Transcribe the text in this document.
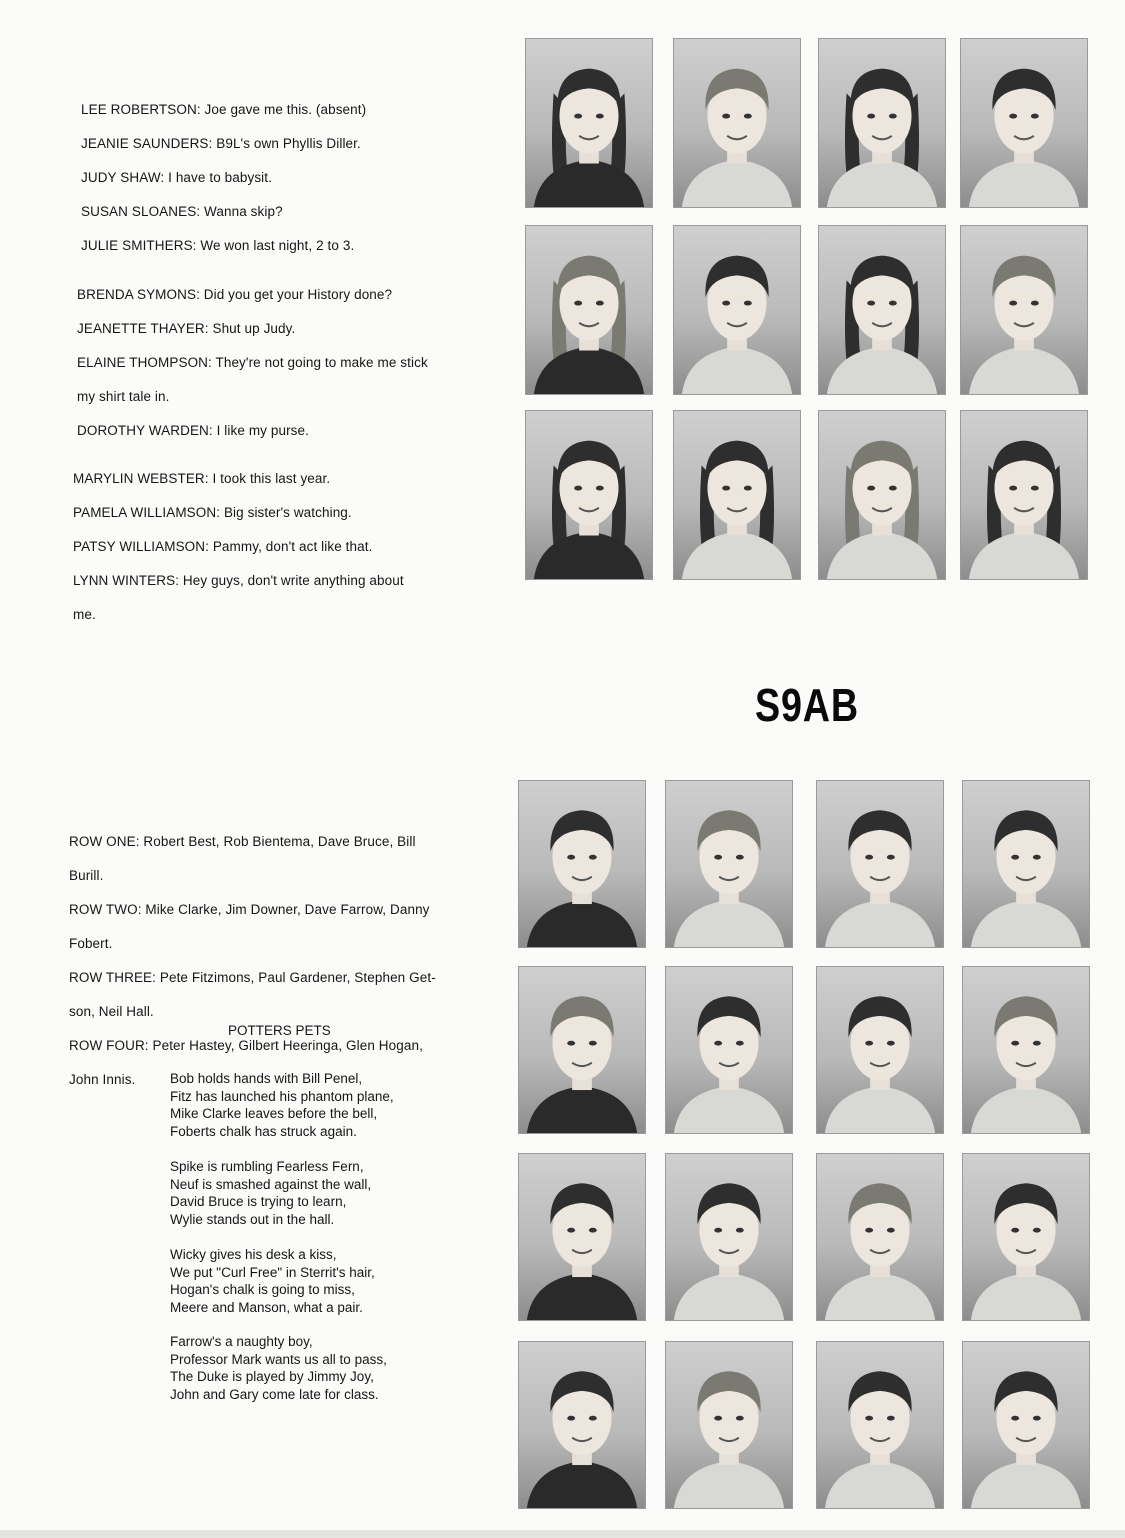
LEE ROBERTSON: Joe gave me this. (absent)

JEANIE SAUNDERS: B9L's own Phyllis Diller.

JUDY SHAW: I have to babysit.

SUSAN SLOANES: Wanna skip?

JULIE SMITHERS: We won last night, 2 to 3.

BRENDA SYMONS: Did you get your History done?

JEANETTE THAYER: Shut up Judy.

ELAINE THOMPSON: They're not going to make me stick

my shirt tale in.

DOROTHY WARDEN: I like my purse.

MARYLIN WEBSTER: I took this last year.

PAMELA WILLIAMSON: Big sister's watching.

PATSY WILLIAMSON: Pammy, don't act like that.

LYNN WINTERS: Hey guys, don't write anything about

me.

S9AB

ROW ONE: Robert Best, Rob Bientema, Dave Bruce, Bill

Burill.

ROW TWO: Mike Clarke, Jim Downer, Dave Farrow, Danny

Fobert.

ROW THREE: Pete Fitzimons, Paul Gardener, Stephen Get-

son, Neil Hall.

ROW FOUR: Peter Hastey, Gilbert Heeringa, Glen Hogan,

John Innis.

POTTERS PETS

Bob holds hands with Bill Penel,

Fitz has launched his phantom plane,

Mike Clarke leaves before the bell,

Foberts chalk has struck again.

Spike is rumbling Fearless Fern,

Neuf is smashed against the wall,

David Bruce is trying to learn,

Wylie stands out in the hall.

Wicky gives his desk a kiss,

We put "Curl Free" in Sterrit's hair,

Hogan's chalk is going to miss,

Meere and Manson, what a pair.

Farrow's a naughty boy,

Professor Mark wants us all to pass,

The Duke is played by Jimmy Joy,

John and Gary come late for class.
